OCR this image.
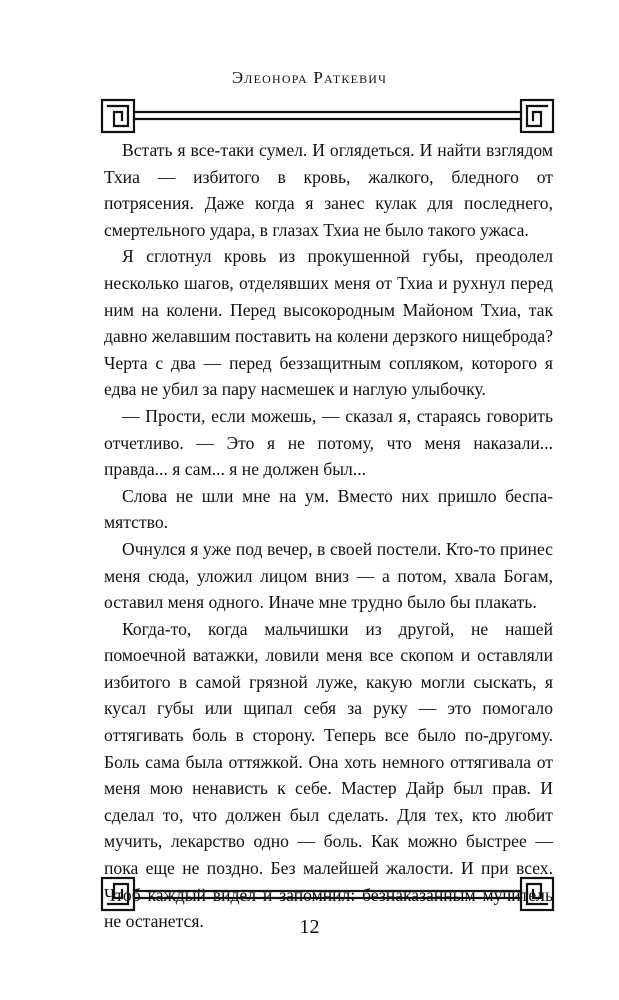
Элеонора Раткевич

Встать я все-таки сумел. И оглядеться. И найти взглядом Тхиа — избитого в кровь, жалкого, бледного от потрясения. Даже когда я занес кулак для последнего, смертельного удара, в глазах Тхиа не было такого ужаса.

Я сглотнул кровь из прокушенной губы, преодолел несколько шагов, отделявших меня от Тхиа и рухнул перед ним на колени. Перед высокородным Майоном Тхиа, так давно желавшим поставить на колени дерзкого нищеброда? Черта с два — перед беззащитным сопляком, которого я едва не убил за пару насмешек и наглую улыбочку.

— Прости, если можешь, — сказал я, стараясь говорить отчетливо. — Это я не потому, что меня наказали... правда... я сам... я не должен был...

Слова не шли мне на ум. Вместо них пришло беспамятство.

Очнулся я уже под вечер, в своей постели. Кто-то принес меня сюда, уложил лицом вниз — а потом, хвала Богам, оставил меня одного. Иначе мне трудно было бы плакать.

Когда-то, когда мальчишки из другой, не нашей помоечной ватажки, ловили меня все скопом и оставляли избитого в самой грязной луже, какую могли сыскать, я кусал губы или щипал себя за руку — это помогало оттягивать боль в сторону. Теперь все было по-другому. Боль сама была оттяжкой. Она хоть немного оттягивала от меня мою ненависть к себе. Мастер Дайр был прав. И сделал то, что должен был сделать. Для тех, кто любит мучить, лекарство одно — боль. Как можно быстрее — пока еще не поздно. Без малейшей жалости. И при всех. Чтоб каждый видел и запомнил: безнаказанным мучитель не останется.	12
